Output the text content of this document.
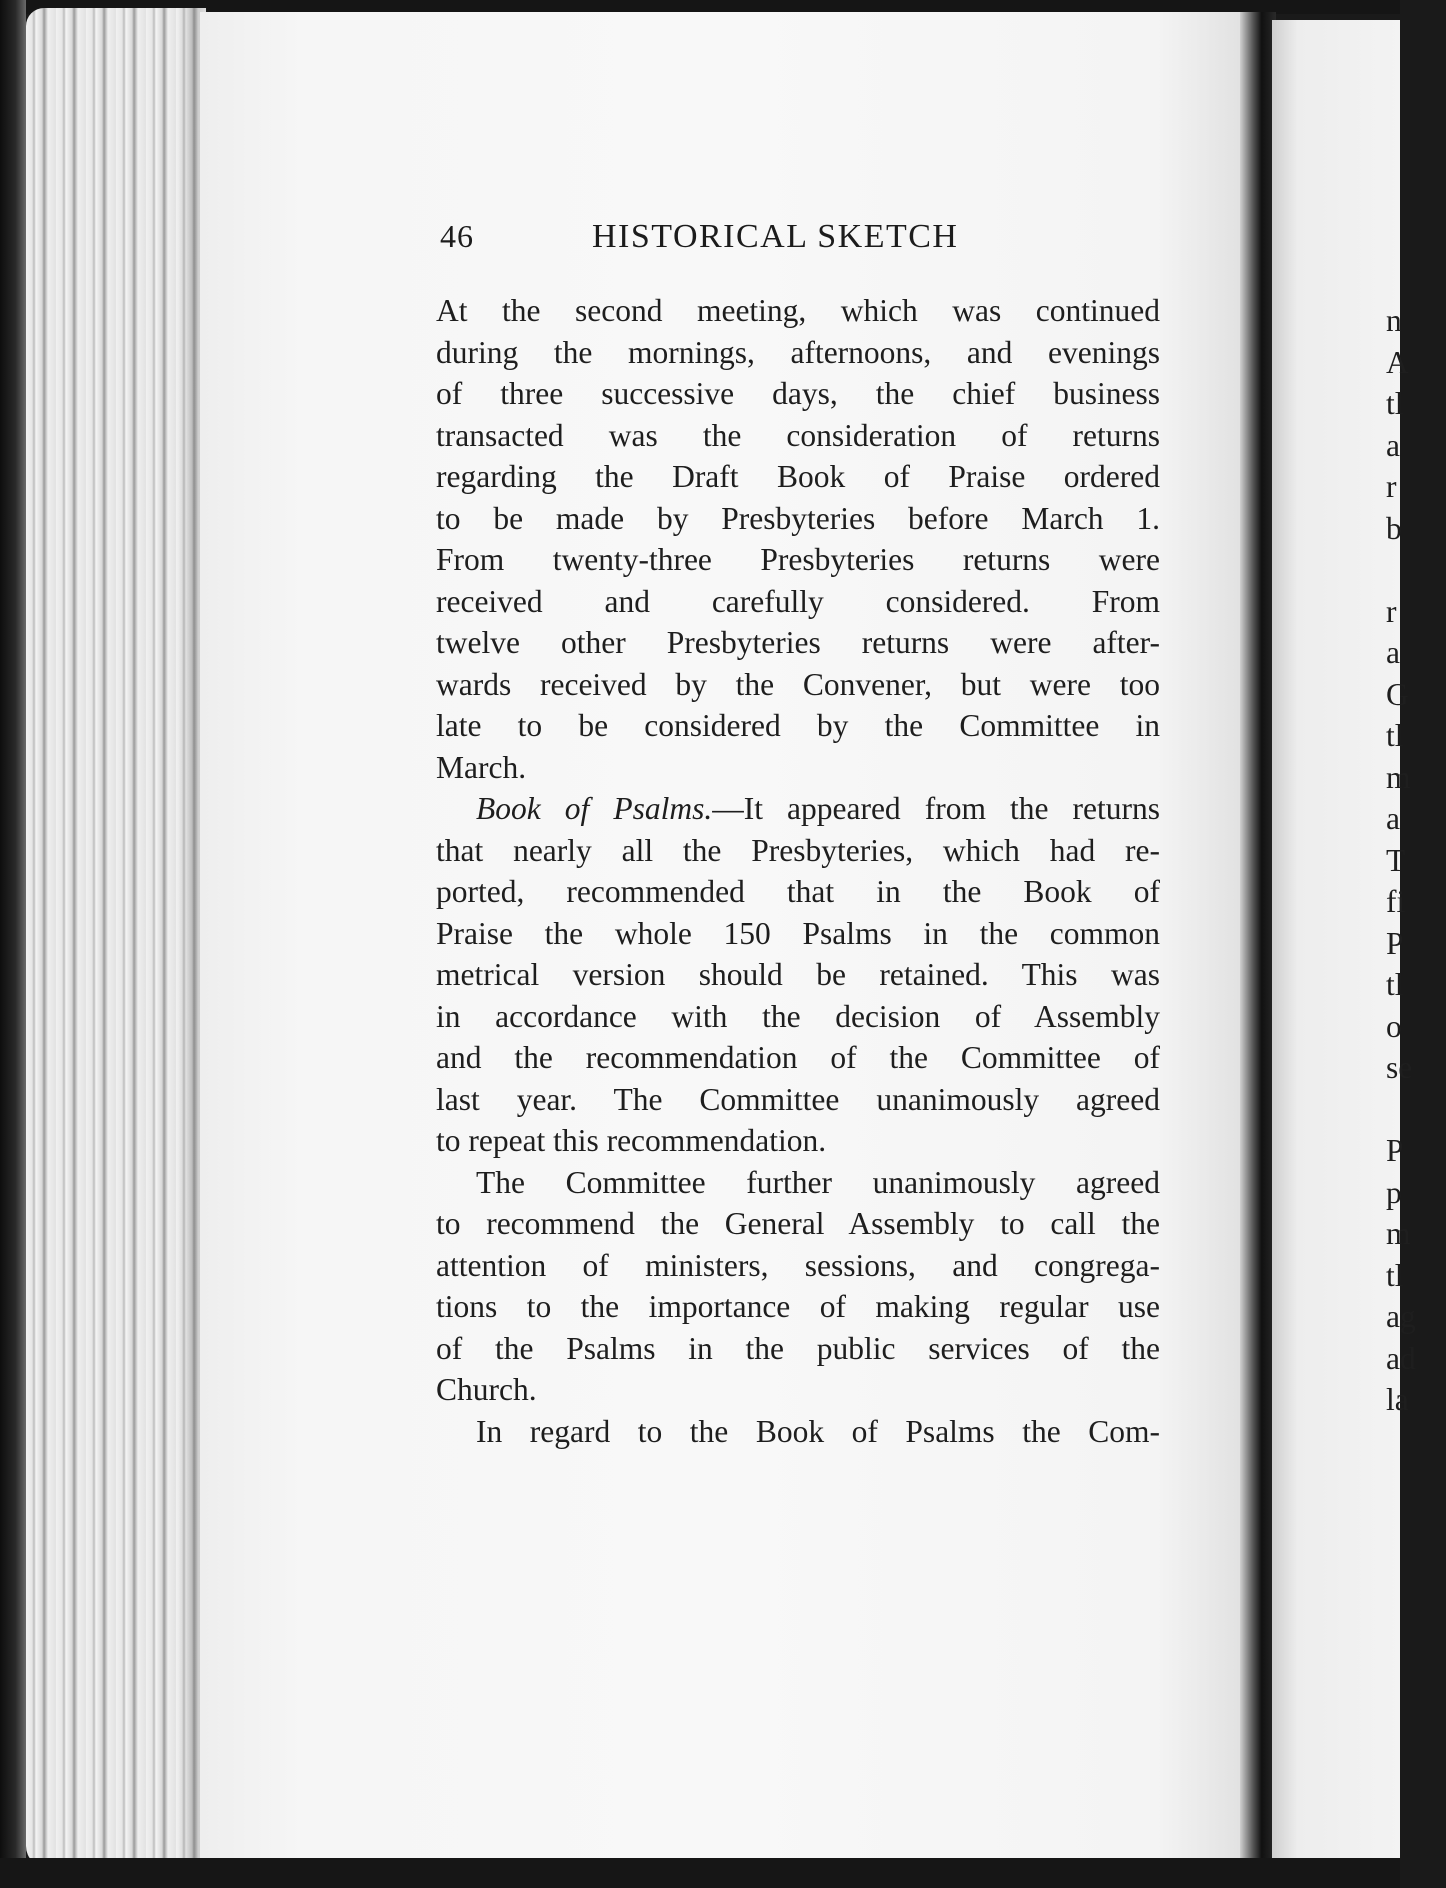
46	HISTORICAL SKETCH
At the second meeting, which was continued
during the mornings, afternoons, and evenings
of three successive days, the chief business
transacted was the consideration of returns
regarding the Draft Book of Praise ordered
to be made by Presbyteries before March 1.
From twenty-three Presbyteries returns were
received and carefully considered. From
twelve other Presbyteries returns were after-
wards received by the Convener, but were too
late to be considered by the Committee in
March.
Book of Psalms.—It appeared from the returns
that nearly all the Presbyteries, which had re-
ported, recommended that in the Book of
Praise the whole 150 Psalms in the common
metrical version should be retained. This was
in accordance with the decision of Assembly
and the recommendation of the Committee of
last year. The Committee unanimously agreed
to repeat this recommendation.
The Committee further unanimously agreed
to recommend the General Assembly to call the
attention of ministers, sessions, and congrega-
tions to the importance of making regular use
of the Psalms in the public services of the
Church.
In regard to the Book of Psalms the Com-
n
A
tl
a
r
b
r
a
G
tl
m
a
T
fi
P
tl
o
se
P
p
m
tl
ag
ad
la
